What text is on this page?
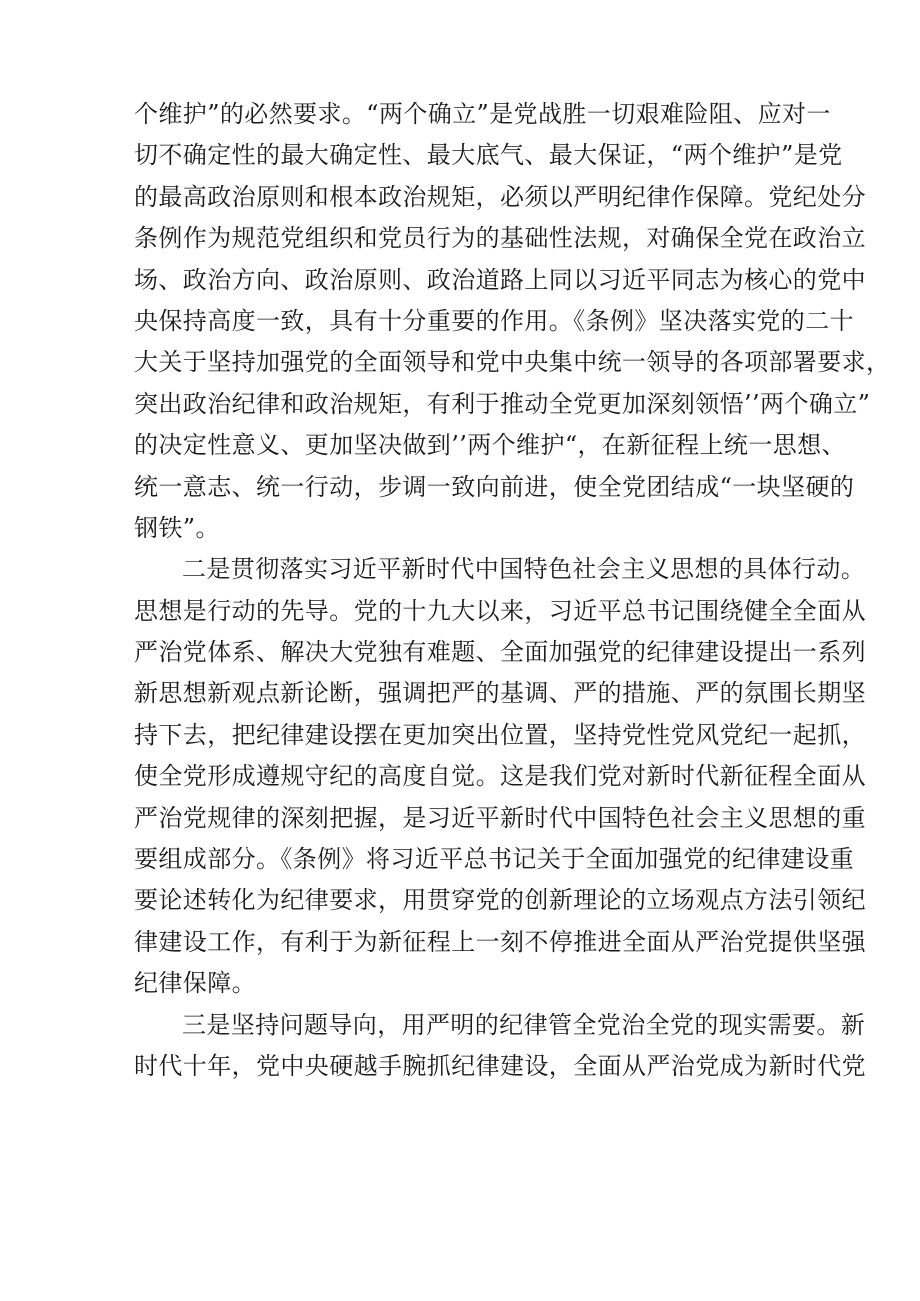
个维护”的必然要求。“两个确立”是党战胜一切艰难险阻、应对一
切不确定性的最大确定性、最大底气、最大保证，“两个维护”是党
的最高政治原则和根本政治规矩，必须以严明纪律作保障。党纪处分
条例作为规范党组织和党员行为的基础性法规，对确保全党在政治立
场、政治方向、政治原则、政治道路上同以习近平同志为核心的党中
央保持高度一致，具有十分重要的作用。《条例》坚决落实党的二十
大关于坚持加强党的全面领导和党中央集中统一领导的各项部署要求，
突出政治纪律和政治规矩，有利于推动全党更加深刻领悟’’两个确立”
的决定性意义、更加坚决做到’’两个维护“，在新征程上统一思想、
统一意志、统一行动，步调一致向前进，使全党团结成“一块坚硬的
钢铁”。
二是贯彻落实习近平新时代中国特色社会主义思想的具体行动。
思想是行动的先导。党的十九大以来，习近平总书记围绕健全全面从
严治党体系、解决大党独有难题、全面加强党的纪律建设提出一系列
新思想新观点新论断，强调把严的基调、严的措施、严的氛围长期坚
持下去，把纪律建设摆在更加突出位置，坚持党性党风党纪一起抓，
使全党形成遵规守纪的高度自觉。这是我们党对新时代新征程全面从
严治党规律的深刻把握，是习近平新时代中国特色社会主义思想的重
要组成部分。《条例》将习近平总书记关于全面加强党的纪律建设重
要论述转化为纪律要求，用贯穿党的创新理论的立场观点方法引领纪
律建设工作，有利于为新征程上一刻不停推进全面从严治党提供坚强
纪律保障。
三是坚持问题导向，用严明的纪律管全党治全党的现实需要。新
时代十年，党中央硬越手腕抓纪律建设，全面从严治党成为新时代党
